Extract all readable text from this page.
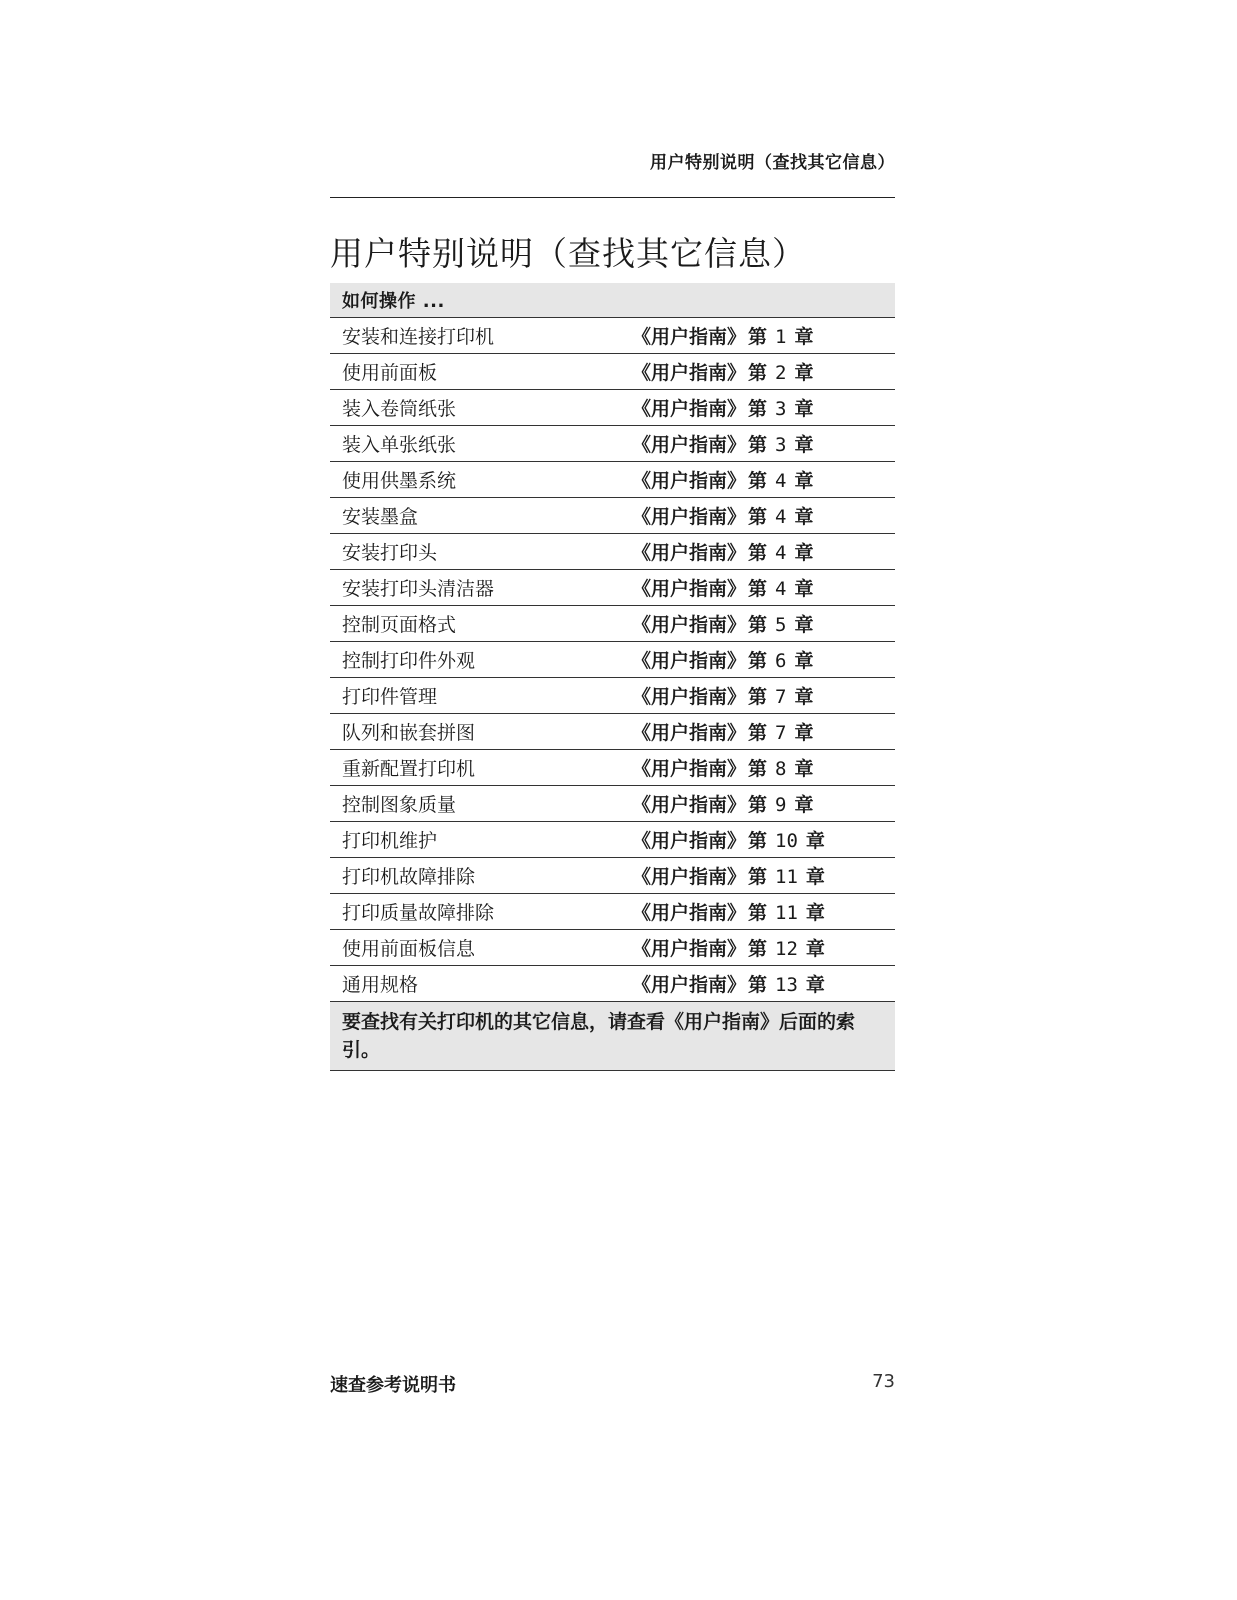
用户特别说明（查找其它信息）
用户特别说明（查找其它信息）
如何操作 ...	
安装和连接打印机	《用户指南》 第 1 章
使用前面板	《用户指南》 第 2 章
装入卷筒纸张	《用户指南》 第 3 章
装入单张纸张	《用户指南》 第 3 章
使用供墨系统	《用户指南》 第 4 章
安装墨盒	《用户指南》 第 4 章
安装打印头	《用户指南》 第 4 章
安装打印头清洁器	《用户指南》 第 4 章
控制页面格式	《用户指南》 第 5 章
控制打印件外观	《用户指南》 第 6 章
打印件管理	《用户指南》 第 7 章
队列和嵌套拼图	《用户指南》 第 7 章
重新配置打印机	《用户指南》 第 8 章
控制图象质量	《用户指南》 第 9 章
打印机维护	《用户指南》 第 10 章
打印机故障排除	《用户指南》 第 11 章
打印质量故障排除	《用户指南》 第 11 章
使用前面板信息	《用户指南》 第 12 章
通用规格	《用户指南》 第 13 章
要查找有关打印机的其它信息，请查看《用户指南》后面的索引。	
速查参考说明书	73
